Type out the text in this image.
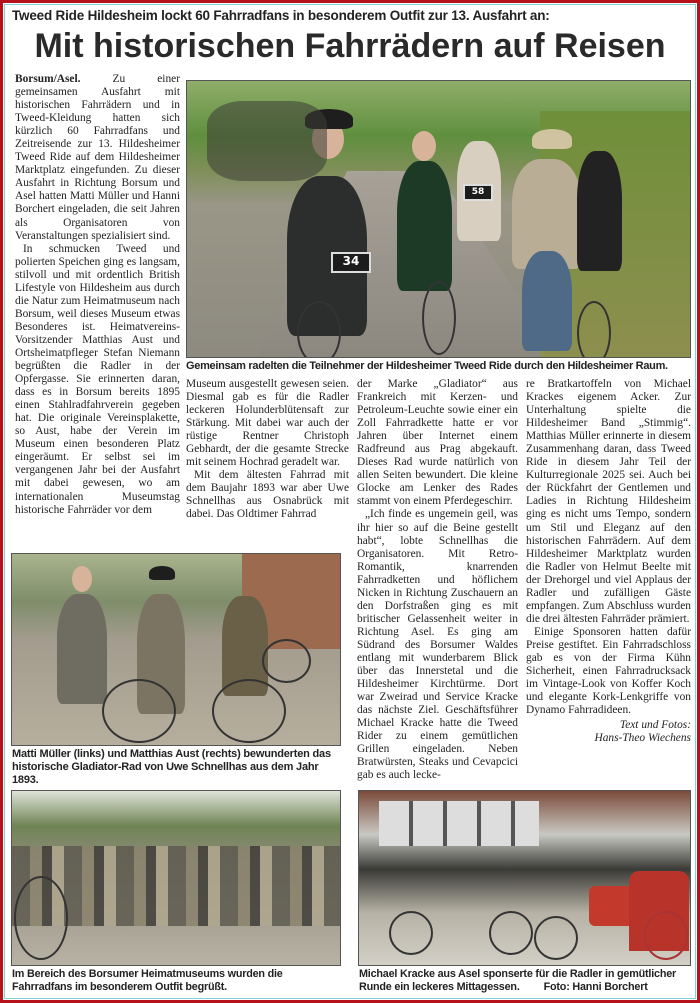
Tweed Ride Hildesheim lockt 60 Fahrradfans in besonderem Outfit zur 13. Ausfahrt an:
Mit historischen Fahrrädern auf Reisen

Borsum/Asel.	Zu einer gemeinsamen Ausfahrt mit historischen Fahrrädern und in Tweed-Kleidung hatten sich kürzlich 60 Fahrradfans und Zeitreisende zur 13. Hildesheimer Tweed Ride auf dem Hildesheimer Marktplatz eingefunden. Zu dieser Ausfahrt in Richtung Borsum und Asel hatten Matti Müller und Hanni Borchert eingeladen, die seit Jahren als Organisatoren von Veranstaltungen spezialisiert sind.

In schmucken Tweed und polierten Speichen ging es langsam, stilvoll und mit ordentlich British Lifestyle von Hildesheim aus durch die Natur zum Heimatmuseum nach Borsum, weil dieses Museum etwas Besonderes ist. Heimatvereins-Vorsitzender Matthias Aust und Ortsheimatpfleger Stefan Niemann begrüßten die Radler in der Opfergasse. Sie erinnerten daran, dass es in Borsum bereits 1895 einen Stahlradfahrverein gegeben hat. Die originale Vereinsplakette, so Aust, habe der Verein im Museum einen besonderen Platz eingeräumt. Er selbst sei im vergangenen Jahr bei der Ausfahrt mit dabei gewesen, wo am internationalen Museumstag historische Fahrräder vor dem

34
58
Gemeinsam radelten die Teilnehmer der Hildesheimer Tweed Ride durch den Hildesheimer Raum.

Museum ausgestellt gewesen seien. Diesmal gab es für die Radler leckeren Holunderblütensaft zur Stärkung. Mit dabei war auch der rüstige Rentner Christoph Gebhardt, der die gesamte Strecke mit seinem Hochrad geradelt war.

Mit dem ältesten Fahrrad mit dem Baujahr 1893 war aber Uwe Schnellhas aus Osnabrück mit dabei. Das Oldtimer Fahrrad

der Marke „Gladiator“ aus Frankreich mit Kerzen- und Petroleum-Leuchte sowie einer ein Zoll Fahrradkette hatte er vor Jahren über Internet einem Radfreund aus Prag abgekauft. Dieses Rad wurde natürlich von allen Seiten bewundert. Die kleine Glocke am Lenker des Rades stammt von einem Pferdegeschirr.

„Ich finde es ungemein geil, was ihr hier so auf die Beine gestellt habt“, lobte Schnellhas die Organisatoren. Mit Retro-Romantik, knarrenden Fahrradketten und höflichem Nicken in Richtung Zuschauern an den Dorfstraßen ging es mit britischer Gelassenheit weiter in Richtung Asel. Es ging am Südrand des Borsumer Waldes entlang mit wunderbarem Blick über das Innerstetal und die Hildesheimer Kirchtürme. Dort war Zweirad und Service Kracke das nächste Ziel. Geschäftsführer Michael Kracke hatte die Tweed Rider zu einem gemütlichen Grillen eingeladen. Neben Bratwürsten, Steaks und Cevapcici gab es auch lecke-

re Bratkartoffeln von Michael Krackes eigenem Acker. Zur Unterhaltung spielte die Hildesheimer Band „Stimmig“. Matthias Müller erinnerte in diesem Zusammenhang daran, dass Tweed Ride in diesem Jahr Teil der Kulturregionale 2025 sei. Auch bei der Rückfahrt der Gentlemen und Ladies in Richtung Hildesheim ging es nicht ums Tempo, sondern um Stil und Eleganz auf den historischen Fahrrädern. Auf dem Hildesheimer Marktplatz wurden die Radler von Helmut Beelte mit der Drehorgel und viel Applaus der Radler und zufälligen Gäste empfangen. Zum Abschluss wurden die drei ältesten Fahrräder prämiert.

Einige Sponsoren hatten dafür Preise gestiftet. Ein Fahrradschloss gab es von der Firma Kühn Sicherheit, einen Fahrradrucksack im Vintage-Look von Koffer Koch und elegante Kork-Lenkgriffe von Dynamo Fahrradideen.

Text und Fotos:
Hans-Theo Wiechens
Matti Müller (links) und Matthias Aust (rechts) bewunderten das historische Gladiator-Rad von Uwe Schnellhas aus dem Jahr 1893.
Im Bereich des Borsumer Heimatmuseums wurden die Fahrradfans im besonderem Outfit begrüßt.
Michael Kracke aus Asel sponserte für die Radler in gemütlicher Runde ein leckeres Mittagessen. Foto: Hanni Borchert
